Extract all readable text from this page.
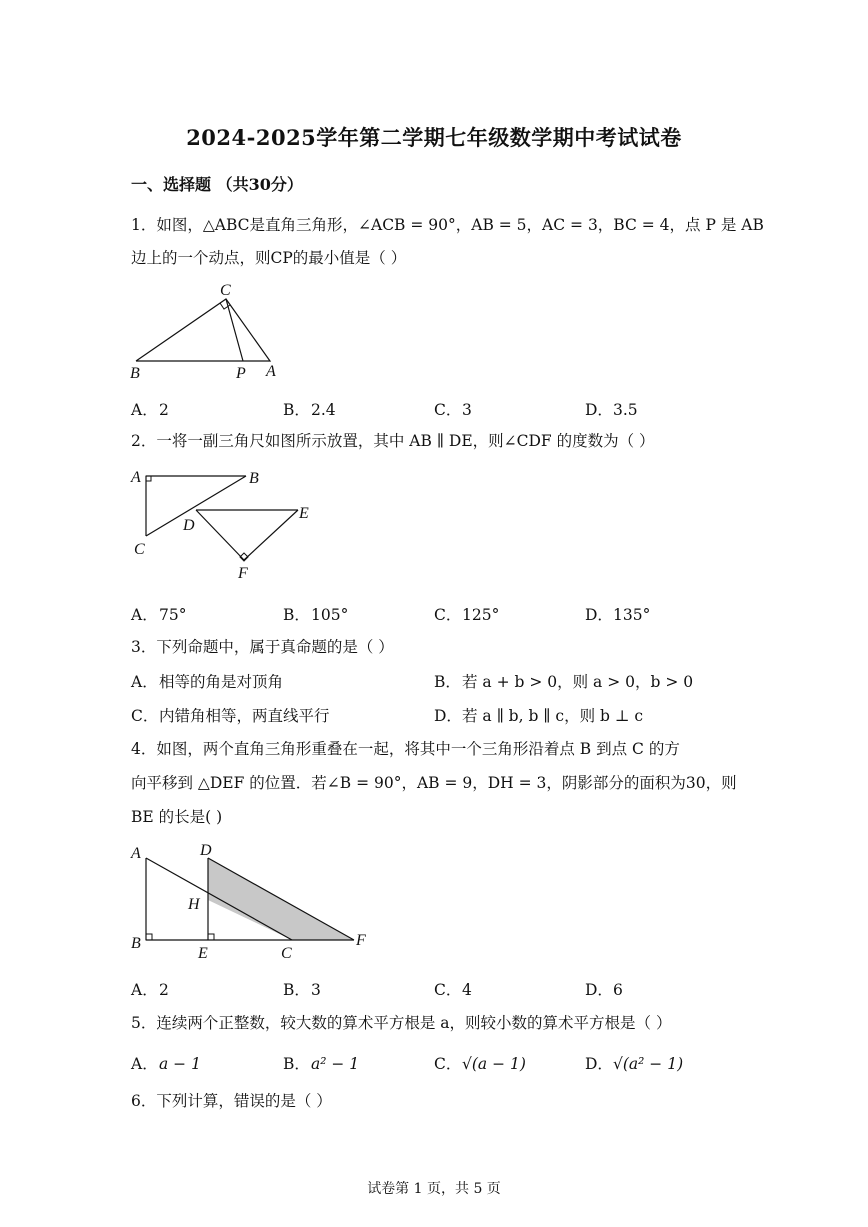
2024-2025学年第二学期七年级数学期中考试试卷
一、选择题 （共30分）
1．如图，△ABC是直角三角形，∠ACB = 90°，AB = 5，AC = 3，BC = 4，点 P 是 AB
边上的一个动点，则CP的最小值是（ ）
C
B	P A
A．2	B．2.4	C．3	D．3.5
2．一将一副三角尺如图所示放置，其中 AB ∥ DE，则∠CDF 的度数为（ ）
A	B
C
D
E
F
A．75°	B．105°	C．125°	D．135°
3．下列命题中，属于真命题的是（ ）
A．相等的角是对顶角	B．若 a + b > 0，则 a > 0，b > 0
C．内错角相等，两直线平行	D．若 a ∥ b, b ∥ c，则 b ⊥ c
4．如图，两个直角三角形重叠在一起，将其中一个三角形沿着点 B 到点 C 的方
向平移到 △DEF 的位置．若∠B = 90°，AB = 9，DH = 3，阴影部分的面积为30，则
BE 的长是( )
A	D
H
B
E	C
F
A．2	B．3	C．4	D．6
5．连续两个正整数，较大数的算术平方根是 a，则较小数的算术平方根是（ ）
A．a − 1	B．a² − 1	C．√(a − 1)	D．√(a² − 1)
6．下列计算，错误的是（ ）
试卷第 1 页，共 5 页
